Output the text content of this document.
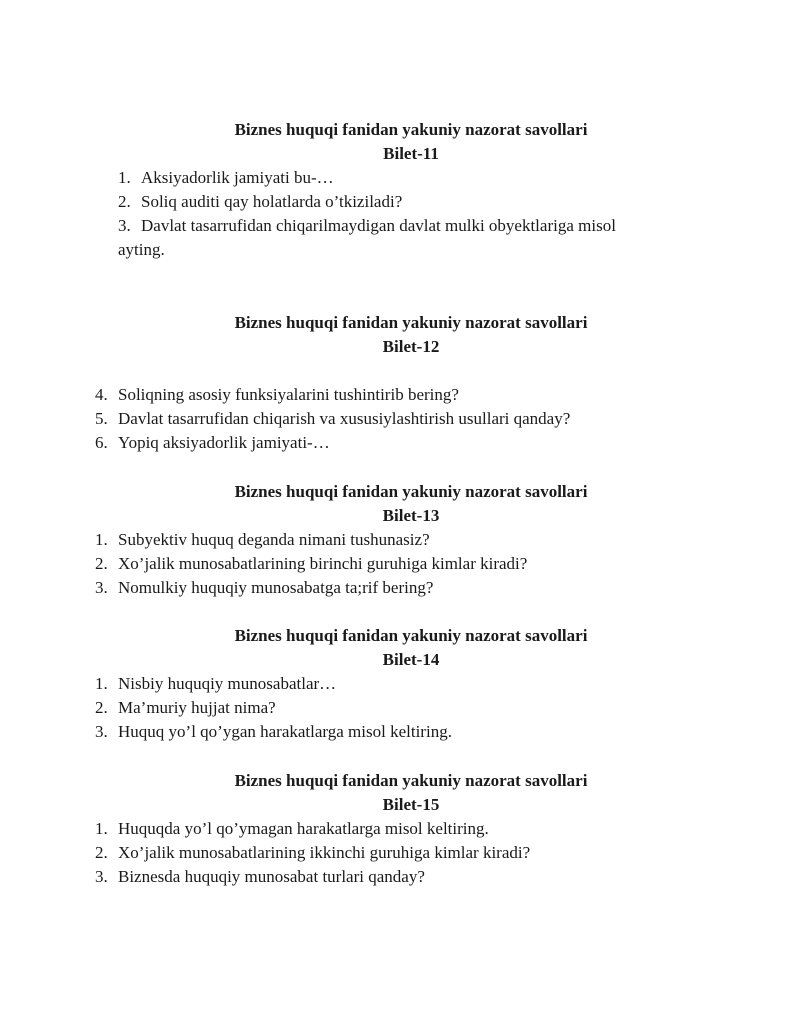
Biznes huquqi fanidan yakuniy nazorat savollari
Bilet-11
1. Aksiyadorlik jamiyati bu-…
2. Soliq auditi qay holatlarda o’tkiziladi?
3. Davlat tasarrufidan chiqarilmaydigan davlat mulki obyektlariga misol
ayting.
Biznes huquqi fanidan yakuniy nazorat savollari
Bilet-12
4. Soliqning asosiy funksiyalarini tushintirib bering?
5. Davlat tasarrufidan chiqarish va xususiylashtirish usullari qanday?
6. Yopiq aksiyadorlik jamiyati-…
Biznes huquqi fanidan yakuniy nazorat savollari
Bilet-13
1. Subyektiv huquq deganda nimani tushunasiz?
2. Xo’jalik munosabatlarining birinchi guruhiga kimlar kiradi?
3. Nomulkiy huquqiy munosabatga ta;rif bering?
Biznes huquqi fanidan yakuniy nazorat savollari
Bilet-14
1. Nisbiy huquqiy munosabatlar…
2. Ma’muriy hujjat nima?
3. Huquq yo’l qo’ygan harakatlarga misol keltiring.
Biznes huquqi fanidan yakuniy nazorat savollari
Bilet-15
1. Huquqda yo’l qo’ymagan harakatlarga misol keltiring.
2. Xo’jalik munosabatlarining ikkinchi guruhiga kimlar kiradi?
3. Biznesda huquqiy munosabat turlari qanday?
